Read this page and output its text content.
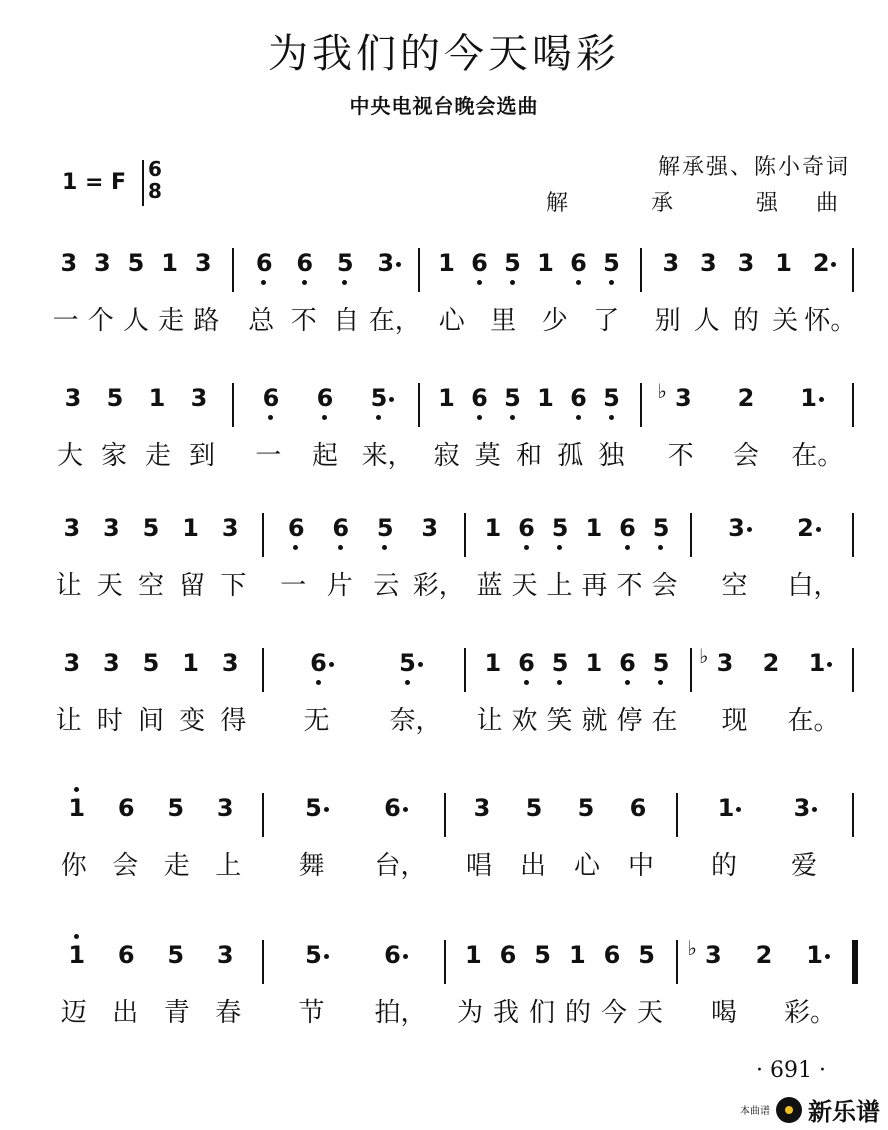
为我们的今天喝彩
中央电视台晚会选曲
1 = F
6
8
解承强、陈小奇词
解 承 强曲
3 3 5 1 3
一 个 人 走 路
6 6 5 3
总 不 自 在，
1 6 5 1 6 5
心 里 少 了
3 3 3 1 2
别 人 的 关 怀。
3	5	1	3
大 家 走 到
6	6	5
一 起 来，
1 6 5 1 6 5
寂 莫 和 孤 独
3
♭	2	1
不 会 在。
3 3 5 1 3
让 天 空 留 下
6	6	5	3
一 片 云 彩，
1 6 5 1 6 5
蓝 天 上 再 不 会
3	2
空 白，
3 3 5 1 3
让 时 间 变 得
6	5
无 奈，
1 6 5 1 6 5
让 欢 笑 就 停 在
3
♭	2	1
现 在。
1	6	5	3
你 会 走 上
5	6
舞 台，
3	5	5	6
唱 出 心 中
1	3
的 爱
1	6	5	3
迈 出 青 春
5	6
节 拍，
1 6 5 1 6 5
为 我 们 的 今 天
3
♭	2	1
喝 彩。
· 691 ·
本曲谱 新乐谱
